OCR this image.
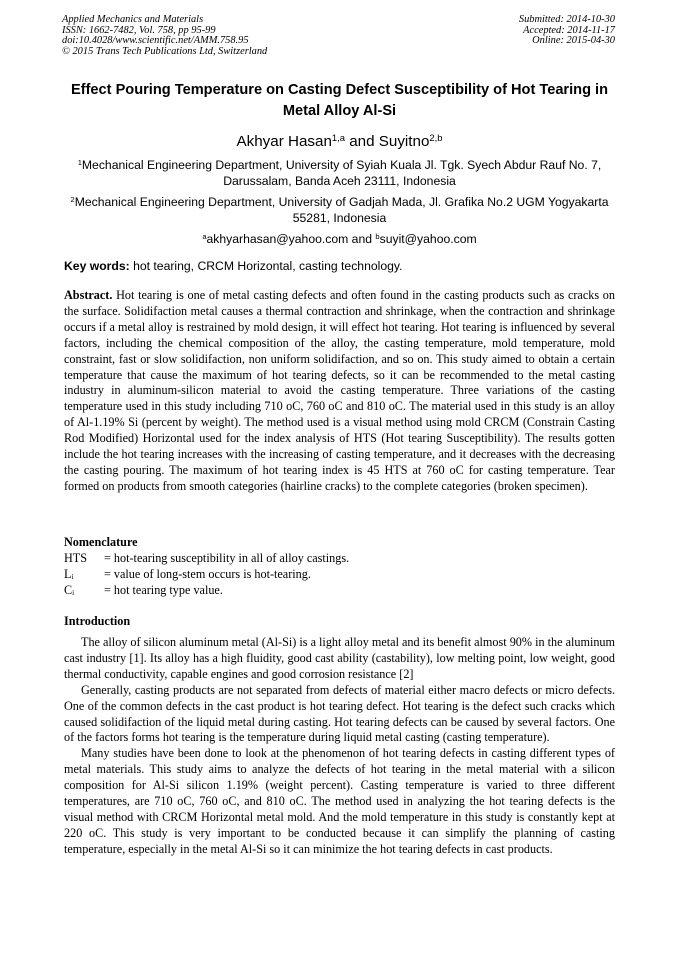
Applied Mechanics and Materials
ISSN: 1662-7482, Vol. 758, pp 95-99
doi:10.4028/www.scientific.net/AMM.758.95
© 2015 Trans Tech Publications Ltd, Switzerland
Submitted: 2014-10-30
Accepted: 2014-11-17
Online: 2015-04-30
Effect Pouring Temperature on Casting Defect Susceptibility of Hot Tearing in Metal Alloy Al-Si
Akhyar Hasan$^{1,a}$ and Suyitno$^{2,b}$
$^1$Mechanical Engineering Department, University of Syiah Kuala Jl. Tgk. Syech Abdur Rauf No. 7, Darussalam, Banda Aceh 23111, Indonesia
$^2$Mechanical Engineering Department, University of Gadjah Mada, Jl. Grafika No.2 UGM Yogyakarta 55281, Indonesia
$^a$akhyarhasan@yahoo.com and $^b$suyit@yahoo.com
Key words: hot tearing, CRCM Horizontal, casting technology.
Abstract. Hot tearing is one of metal casting defects and often found in the casting products such as cracks on the surface. Solidifaction metal causes a thermal contraction and shrinkage, when the contraction and shrinkage occurs if a metal alloy is restrained by mold design, it will effect hot tearing. Hot tearing is influenced by several factors, including the chemical composition of the alloy, the casting temperature, mold temperature, mold constraint, fast or slow solidifaction, non uniform solidifaction, and so on. This study aimed to obtain a certain temperature that cause the maximum of hot tearing defects, so it can be recommended to the metal casting industry in aluminum-silicon material to avoid the casting temperature. Three variations of the casting temperature used in this study including 710 oC, 760 oC and 810 oC. The material used in this study is an alloy of Al-1.19% Si (percent by weight). The method used is a visual method using mold CRCM (Constrain Casting Rod Modified) Horizontal used for the index analysis of HTS (Hot tearing Susceptibility). The results gotten include the hot tearing increases with the increasing of casting temperature, and it decreases with the decreasing the casting pouring. The maximum of hot tearing index is 45 HTS at 760 oC for casting temperature. Tear formed on products from smooth categories (hairline cracks) to the complete categories (broken specimen).
Nomenclature
HTS	= hot-tearing susceptibility in all of alloy castings.
Lᵢ	= value of long-stem occurs is hot-tearing.
Cᵢ	= hot tearing type value.
Introduction

The alloy of silicon aluminum metal (Al-Si) is a light alloy metal and its benefit almost 90% in the aluminum cast industry [1]. Its alloy has a high fluidity, good cast ability (castability), low melting point, low weight, good thermal conductivity, capable engines and good corrosion resistance [2]

Generally, casting products are not separated from defects of material either macro defects or micro defects. One of the common defects in the cast product is hot tearing defect. Hot tearing is the defect such cracks which caused solidifaction of the liquid metal during casting. Hot tearing defects can be caused by several factors. One of the factors forms hot tearing is the temperature during liquid metal casting (casting temperature).

Many studies have been done to look at the phenomenon of hot tearing defects in casting different types of metal materials. This study aims to analyze the defects of hot tearing in the metal material with a silicon composition for Al-Si silicon 1.19% (weight percent). Casting temperature is varied to three different temperatures, are 710 oC, 760 oC, and 810 oC. The method used in analyzing the hot tearing defects is the visual method with CRCM Horizontal metal mold. And the mold temperature in this study is constantly kept at 220 oC. This study is very important to be conducted because it can simplify the planning of casting temperature, especially in the metal Al-Si so it can minimize the hot tearing defects in cast products.
